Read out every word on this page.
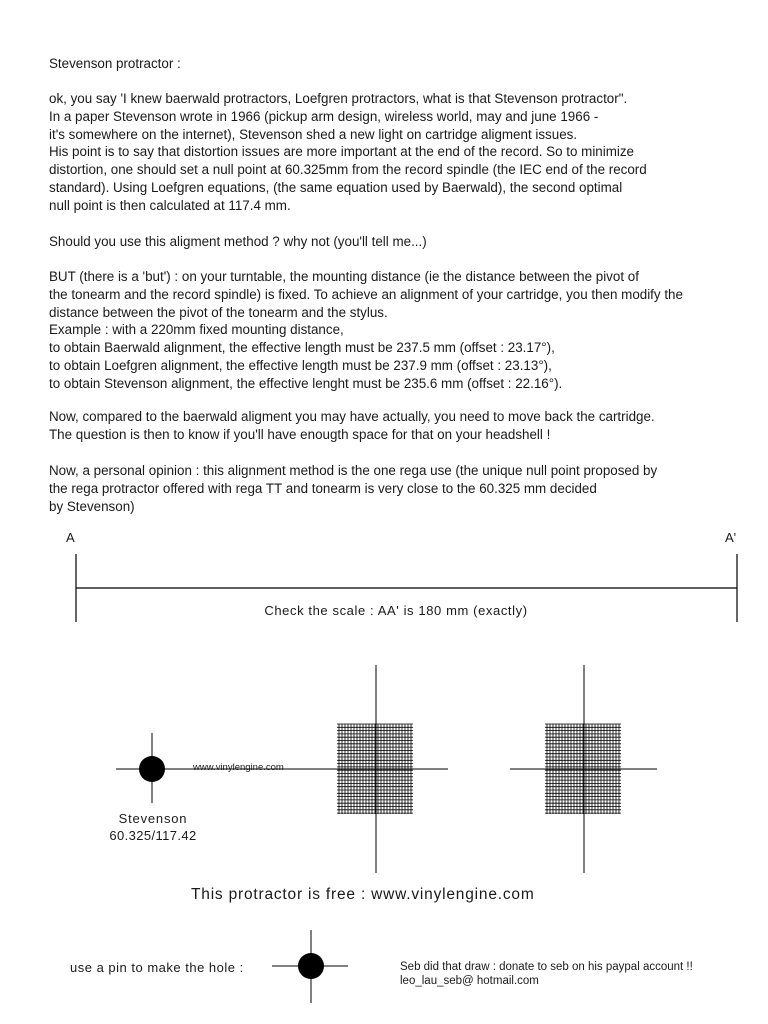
Stevenson protractor :
ok, you say 'I knew baerwald protractors, Loefgren protractors, what is that Stevenson protractor".
In a paper Stevenson wrote in 1966 (pickup arm design, wireless world, may and june 1966 -
it's somewhere on the internet), Stevenson shed a new light on cartridge aligment issues.
His point is to say that distortion issues are more important at the end of the record. So to minimize
distortion, one should set a null point at 60.325mm from the record spindle (the IEC end of the record
standard). Using Loefgren equations, (the same equation used by Baerwald), the second optimal
null point is then calculated at 117.4 mm.
Should you use this aligment method ? why not (you'll tell me...)
BUT (there is a 'but') : on your turntable, the mounting distance (ie the distance between the pivot of
the tonearm and the record spindle) is fixed. To achieve an alignment of your cartridge, you then modify the
distance between the pivot of the tonearm and the stylus.
Example : with a 220mm fixed mounting distance,
to obtain Baerwald alignment, the effective length must be 237.5 mm (offset : 23.17°),
to obtain Loefgren alignment, the effective length must be 237.9 mm (offset : 23.13°),
to obtain Stevenson alignment, the effective lenght must be 235.6 mm (offset : 22.16°).
Now, compared to the baerwald aligment you may have actually, you need to move back the cartridge.
The question is then to know if you'll have enougth space for that on your headshell !
Now, a personal opinion : this alignment method is the one rega use (the unique null point proposed by
the rega protractor offered with rega TT and tonearm is very close to the 60.325 mm decided
by Stevenson)
A	A'
Check the scale : AA' is 180 mm (exactly)
www.vinylengine.com
Stevenson
60.325/117.42
This protractor is free : www.vinylengine.com
use a pin to make the hole :	Seb did that draw : donate to seb on his paypal account !!
leo_lau_seb@ hotmail.com
